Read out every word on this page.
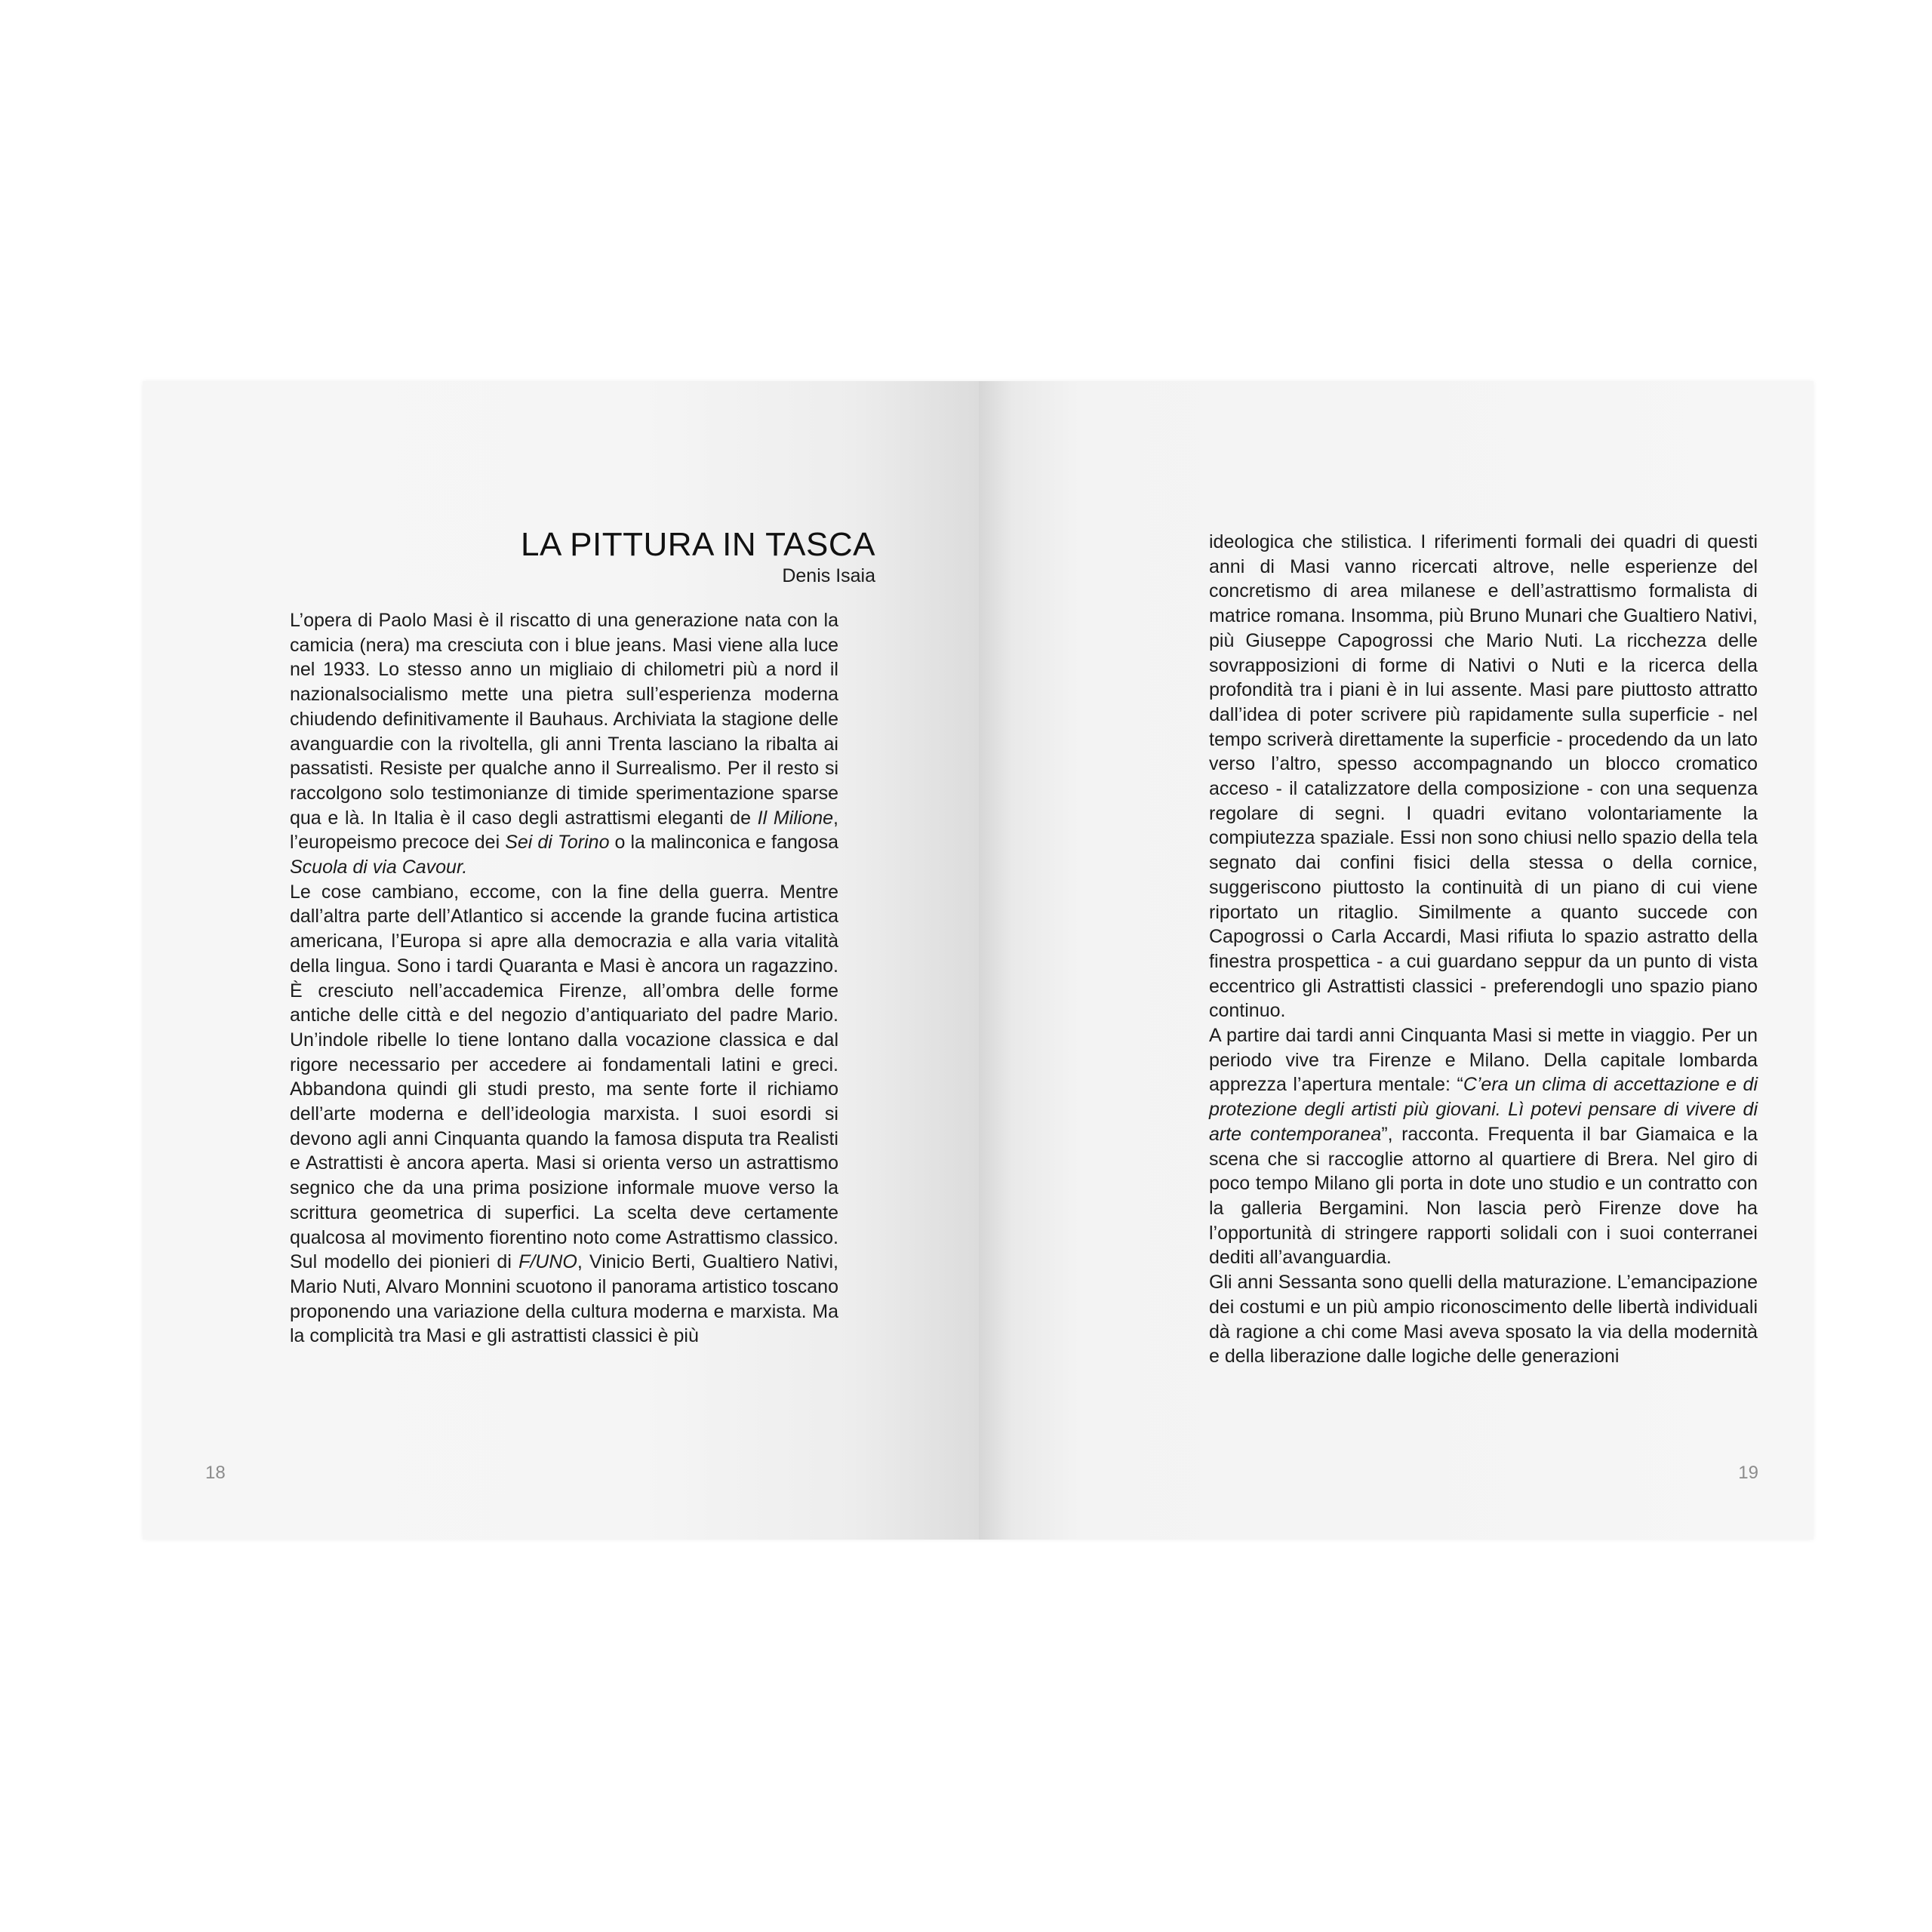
LA PITTURA IN TASCA
Denis Isaia

L’opera di Paolo Masi è il riscatto di una generazione nata con la camicia (nera) ma cresciuta con i blue jeans. Masi viene alla luce nel 1933. Lo stesso anno un migliaio di chilometri più a nord il nazionalsocialismo mette una pietra sull’esperienza moderna chiudendo definitivamente il Bauhaus. Archiviata la stagione delle avanguardie con la rivoltella, gli anni Trenta lasciano la ribalta ai passatisti. Resiste per qualche anno il Surrealismo. Per il resto si raccolgono solo testimonianze di timide sperimentazione sparse qua e là. In Italia è il caso degli astrattismi eleganti de Il Milione, l’europeismo precoce dei Sei di Torino o la malinconica e fangosa Scuola di via Cavour.

Le cose cambiano, eccome, con la fine della guerra. Mentre dall’altra parte dell’Atlantico si accende la grande fucina artistica americana, l’Europa si apre alla democrazia e alla varia vitalità della lingua. Sono i tardi Quaranta e Masi è ancora un ragazzino. È cresciuto nell’accademica Firenze, all’ombra delle forme antiche delle città e del negozio d’antiquariato del padre Mario. Un’indole ribelle lo tiene lontano dalla vocazione classica e dal rigore necessario per accedere ai fondamentali latini e greci. Abbandona quindi gli studi presto, ma sente forte il richiamo dell’arte moderna e dell’ideologia marxista. I suoi esordi si devono agli anni Cinquanta quando la famosa disputa tra Realisti e Astrattisti è ancora aperta. Masi si orienta verso un astrattismo segnico che da una prima posizione informale muove verso la scrittura geometrica di superfici. La scelta deve certamente qualcosa al movimento fiorentino noto come Astrattismo classico. Sul modello dei pionieri di F/UNO, Vinicio Berti, Gualtiero Nativi, Mario Nuti, Alvaro Monnini scuotono il panorama artistico toscano proponendo una variazione della cultura moderna e marxista. Ma la complicità tra Masi e gli astrattisti classici è più

18

ideologica che stilistica. I riferimenti formali dei quadri di questi anni di Masi vanno ricercati altrove, nelle esperienze del concretismo di area milanese e dell’astrattismo formalista di matrice romana. Insomma, più Bruno Munari che Gualtiero Nativi, più Giuseppe Capogrossi che Mario Nuti. La ricchezza delle sovrapposizioni di forme di Nativi o Nuti e la ricerca della profondità tra i piani è in lui assente. Masi pare piuttosto attratto dall’idea di poter scrivere più rapidamente sulla superficie - nel tempo scriverà direttamente la superficie - procedendo da un lato verso l’altro, spesso accompagnando un blocco cromatico acceso - il catalizzatore della composizione - con una sequenza regolare di segni. I quadri evitano volontariamente la compiutezza spaziale. Essi non sono chiusi nello spazio della tela segnato dai confini fisici della stessa o della cornice, suggeriscono piuttosto la continuità di un piano di cui viene riportato un ritaglio. Similmente a quanto succede con Capogrossi o Carla Accardi, Masi rifiuta lo spazio astratto della finestra prospettica - a cui guardano seppur da un punto di vista eccentrico gli Astrattisti classici - preferendogli uno spazio piano continuo.

A partire dai tardi anni Cinquanta Masi si mette in viaggio. Per un periodo vive tra Firenze e Milano. Della capitale lombarda apprezza l’apertura mentale: “C’era un clima di accettazione e di protezione degli artisti più giovani. Lì potevi pensare di vivere di arte contemporanea”, racconta. Frequenta il bar Giamaica e la scena che si raccoglie attorno al quartiere di Brera. Nel giro di poco tempo Milano gli porta in dote uno studio e un contratto con la galleria Bergamini. Non lascia però Firenze dove ha l’opportunità di stringere rapporti solidali con i suoi conterranei dediti all’avanguardia.

Gli anni Sessanta sono quelli della maturazione. L’emancipazione dei costumi e un più ampio riconoscimento delle libertà individuali dà ragione a chi come Masi aveva sposato la via della modernità e della liberazione dalle logiche delle generazioni

19
